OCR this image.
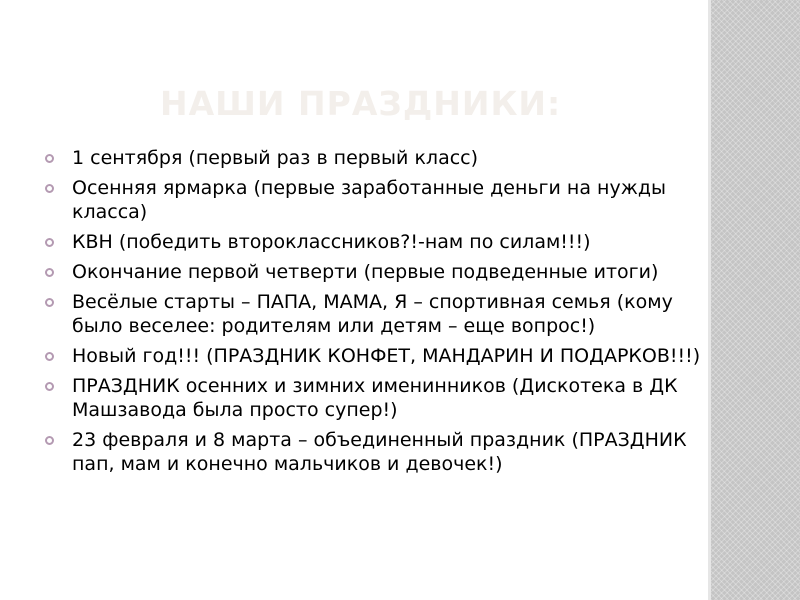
НАШИ ПРАЗДНИКИ:
1 сентября (первый раз в первый класс)
Осенняя ярмарка (первые заработанные деньги на нужды класса)
КВН (победить второклассников?!-нам по силам!!!)
Окончание первой четверти (первые подведенные итоги)
Весёлые старты – ПАПА, МАМА, Я – спортивная семья (кому было веселее: родителям или детям – еще вопрос!)
Новый год!!! (ПРАЗДНИК КОНФЕТ, МАНДАРИН И ПОДАРКОВ!!!)
ПРАЗДНИК осенних и зимних именинников (Дискотека в ДК Машзавода была просто супер!)
23 февраля и 8 марта – объединенный праздник (ПРАЗДНИК пап, мам и конечно мальчиков и девочек!)
